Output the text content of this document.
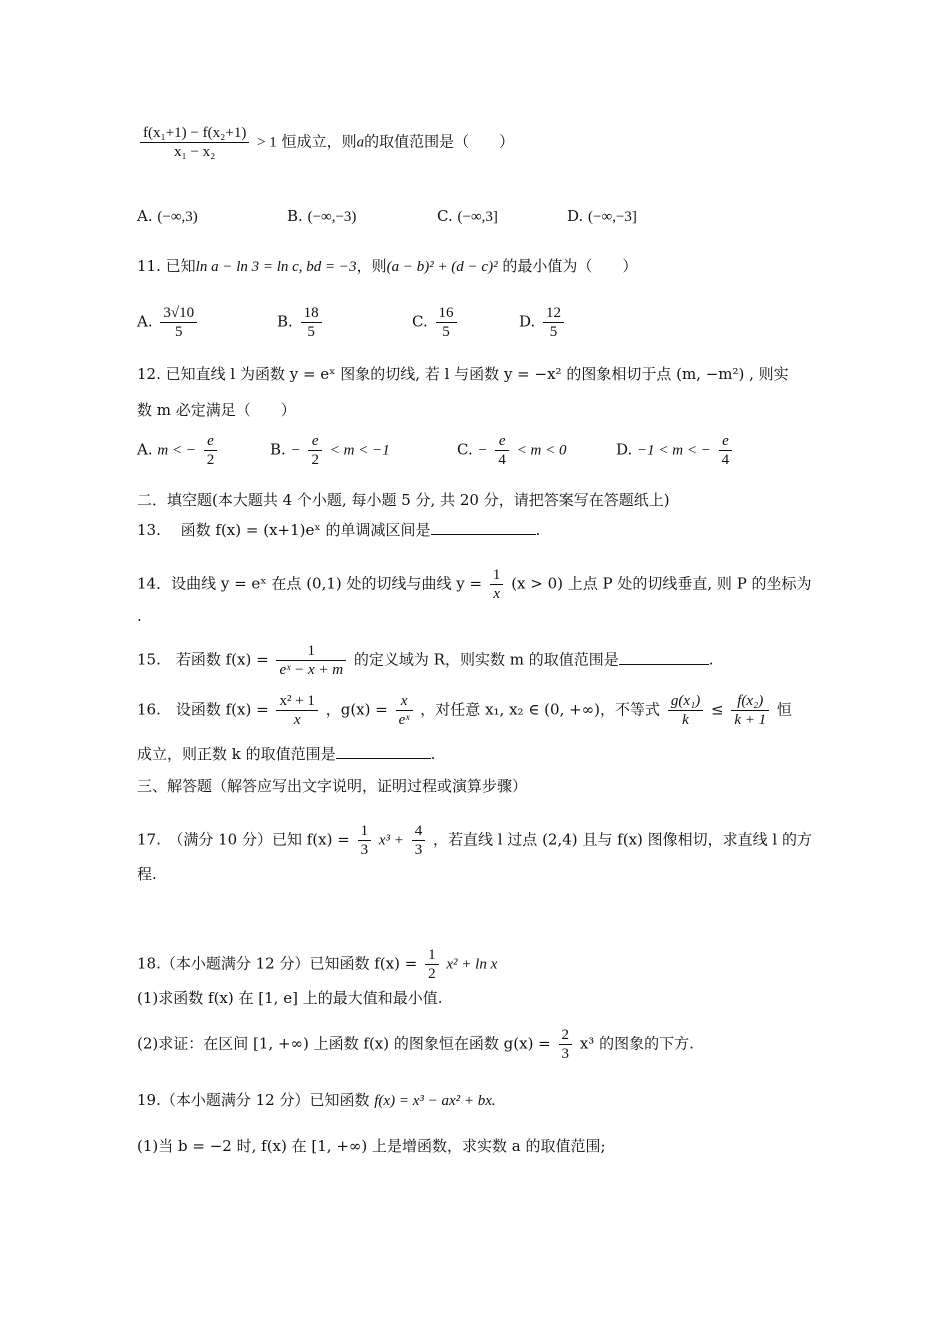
$\frac{\text{f(x₁+1) − f(x₂+1)}}{\text{x₁ − x₂}} > 1$ 恒成立，则a的取值范围是（　　）
A. (−∞,3)	B. (−∞,−3)	C. (−∞,3]	D. (−∞,−3]
11. 已知ln a − ln 3 = ln c, bd = −3，则(a − b)² + (d − c)² 的最小值为（　　）
A. $\frac{3√10}{5}$	B. $\frac{18}{5}$	C. $\frac{16}{5}$	D. $\frac{12}{5}$
12. 已知直线 l 为函数 y = eˣ 图象的切线, 若 l 与函数 y = −x² 的图象相切于点 (m, −m²) , 则实
数 m 必定满足（　　）
A. m < − $\frac{e}{2}$	B. − $\frac{e}{2} < m < -1$	C. − $\frac{e}{4} < m < 0$	D. −1 < m < − $\frac{e}{4}$
二．填空题(本大题共 4 个小题, 每小题 5 分, 共 20 分，请把答案写在答题纸上)
13.　 函数 f(x) = (x+1)eˣ 的单调减区间是	.
14．设曲线 y = eˣ 在点 (0,1) 处的切线与曲线 $y = \frac{1}{x} (x > 0)$ 上点 P 处的切线垂直, 则 P 的坐标为
.
15.　若函数 $f(x) = \frac{1}{\text{eˣ − x + m}}$ 的定义域为 R，则实数 m 的取值范围是	.
16.　设函数 $f(x) = \frac{\text{x² + 1}}{x}$ ，$g(x) = \frac{x}{\text{eˣ}}$ ，对任意 x₁, x₂ ∈ (0, +∞)，不等式 $\frac{\text{g(x₁)}}{k} \le \frac{\text{f(x₂)}}{k + 1}$ 恒
成立，则正数 k 的取值范围是	.
三、解答题（解答应写出文字说明，证明过程或演算步骤）
17.　（满分 10 分）已知 $f(x) = \frac{1}{3} x^3 + \frac{4}{3}$ ，若直线 l 过点 (2,4) 且与 f(x) 图像相切，求直线 l 的方
程.
18.（本小题满分 12 分）已知函数 $f(x) = \frac{1}{2} x^2 + \ln x$
(1)求函数 f(x) 在 [1, e] 上的最大值和最小值.
(2)求证：在区间 [1, +∞) 上函数 f(x) 的图象恒在函数 $g(x) = \frac{2}{3} x^3$ 的图象的下方.
19.（本小题满分 12 分）已知函数 f(x) = x³ − ax² + bx.
(1)当 b = −2 时, f(x) 在 [1, +∞) 上是增函数，求实数 a 的取值范围;
